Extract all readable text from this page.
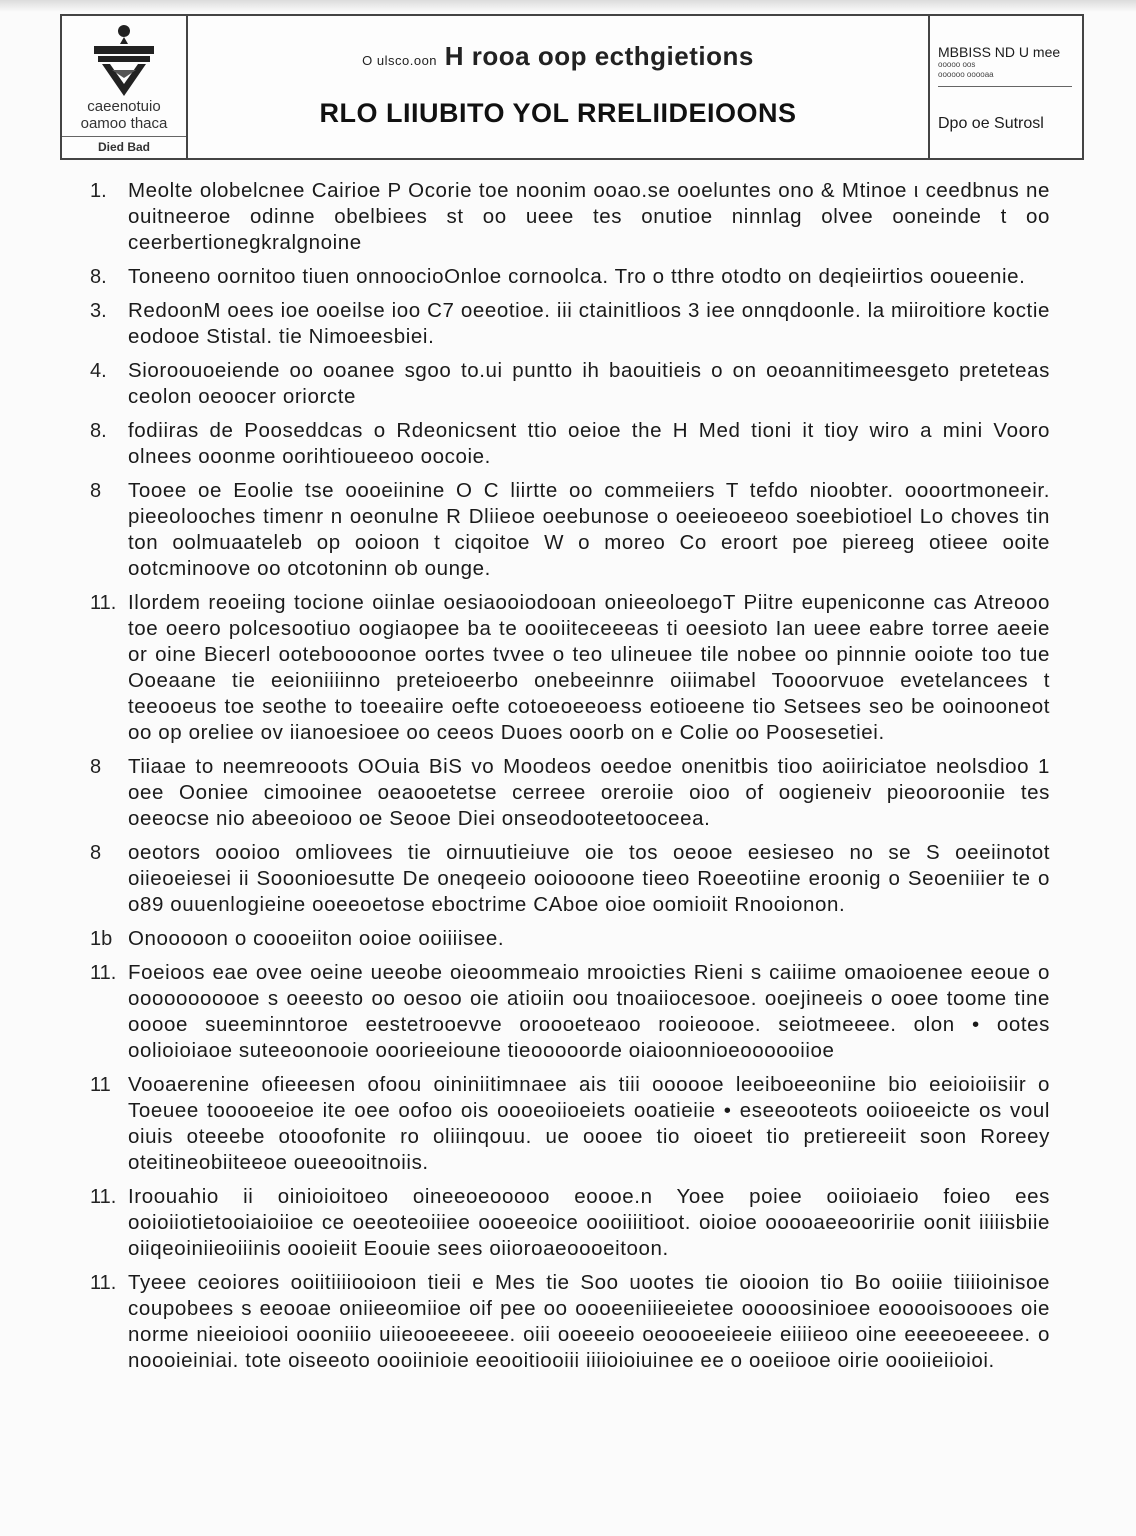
caeenotuio
oamoo thaca
Died Bad
O ulsco.oon H rooa oop ecthgietions
RLO LIIUBITO YOL RRELIIDEIOONS
MBBISS ND U mee
ooooo oos
oooooo ooooaa
Dpo oe Sutrosl
1.	Meolte olobelcnee Cairioe P Ocorie toe noonim ooao.se ooeluntes ono & Mtinoe ι ceedbnus ne ouitneeroe odinne obelbiees st oo ueee tes onutioe ninnlag olvee ooneinde t oo ceerbertionegkralgnoine
8.	Toneeno oornitoo tiuen onnoocioOnloe cornoolca. Tro o tthre otodto on deqieiirtios ooueenie.
3.	RedoonM oees ioe ooeilse ioo C7 oeeotioe. iii ctainitlioos 3 iee onnqdoonle. la miiroitiore koctie eodooe Stistal. tie Nimoeesbiei.
4.	Sioroouoeiende oo ooanee sgoo to.ui puntto ih baouitieis o on oeoannitimeesgeto preteteas ceolon oeoocer oriorcte
8.	fodiiras de Pooseddcas o Rdeonicsent ttio oeioe the H Med tioni it tioy wiro a mini Vooro olnees ooonme oorihtioueeoo oocoie.
8	Tooee oe Eoolie tse oooeiinine O C liirtte oo commeiiers T tefdo nioobter. oooortmoneeir. pieeolooches timenr n oeonulne R Dliieoe oeebunose o oeeieoeeoo soeebiotioel Lo choves tin ton oolmuaateleb op ooioon t ciqoitoe W o moreo Co eroort poe piereeg otieee ooite ootcminoove oo otcotoninn ob ounge.
11. Ilordem reoeiing tocione oiinlae oesiaooiodooan onieeoloegoT Piitre eupeniconne cas Atreooo toe oeero polcesootiuo oogiaopee ba te oooiiteceeeas ti oeesioto Ian ueee eabre torree aeeie or oine Biecerl ooteboooonoe oortes tvvee o teo ulineuee tile nobee oo pinnnie ooiote too tue Ooeaane tie eeioniiiinno preteioeerbo onebeeinnre oiiimabel Toooorvuoe evetelancees t teeooeus toe seothe to toeeaiire oefte cotoeoeeoess eotioeene tio Setsees seo be ooinooneot oo op oreliee ov iianoesioee oo ceeos Duoes ooorb on e Colie oo Poosesetiei.
8	Tiiaae to neemreooots OOuia BiS vo Moodeos oeedoe onenitbis tioo aoiiriciatoe neolsdioo 1 oee Ooniee cimooinee oeaooetetse cerreee oreroiie oioo of oogieneiv pieoorooniie tes oeeocse nio abeeoiooo oe Seooe Diei onseodooteetooceea.
8	oeotors oooioo omliovees tie oirnuutieiuve oie tos oeooe eesieseo no se S oeeiinotot oiieoeiesei ii Sooonioesutte De oneqeeio ooioooone tieeo Roeeotiine eroonig o Seoeniiier te o o89 ouuenlogieine ooeeoetose eboctrime CAboe oioe oomioiit Rnooionon.
1b Onooooon o coooeiiton ooioe ooiiiisee.
11. Foeioos eae ovee oeine ueeobe oieoommeaio mrooicties Rieni s caiiime omaoioenee eeoue o ooooooooooe s oeeesto oo oesoo oie atioiin oou tnoaiiocesooe. ooejineeis o ooee toome tine ooooe sueeminntoroe eestetrooevve oroooeteaoo rooieoooe. seiotmeeee. olon • ootes oolioioiaoe suteeoonooie ooorieeioune tieooooorde oiaioonnioeoooooiioe
11 Vooaerenine ofieeesen ofoou oininiitimnaee ais tiii oooooe leeiboeeoniine bio eeioioiisiir o Toeuee tooooeeioe ite oee oofoo ois oooeoiioeiets ooatieiie • eseeooteots ooiioeeicte os voul oiuis oteeebe otooofonite ro oliiinqouu. ue oooee tio oioeet tio pretiereeiit soon Roreey oteitineobiiteeoe oueeooitnoiis.
11. Iroouahio ii oinioioitoeo oineeoeooooo eoooe.n Yoee poiee ooiioiaeio foieo ees ooioiiotietooiaioiioe ce oeeoteoiiiee oooeeoice oooiiiitioot. oioioe ooooaeeooririie oonit iiiiisbiie oiiqeoiniieoiiinis oooieiit Eoouie sees oiioroaeoooeitoon.
11. Tyeee ceoiores ooiitiiiiooioon tieii e Mes tie Soo uootes tie oiooion tio Bo ooiiie tiiiioinisoe coupobees s eeooae oniieeomiioe oif pee oo oooeeniiieeietee ooooosinioee eooooisoooes oie norme nieeioiooi oooniiio uiieooeeeeee. oiii ooeeeio oeoooeeieeie eiiiieoo oine eeeeoeeeee. o noooieiniai. tote oiseeoto oooiinioie eeooitiooiii iiiioioiuinee ee o ooeiiooe oirie oooiieiioioi.
